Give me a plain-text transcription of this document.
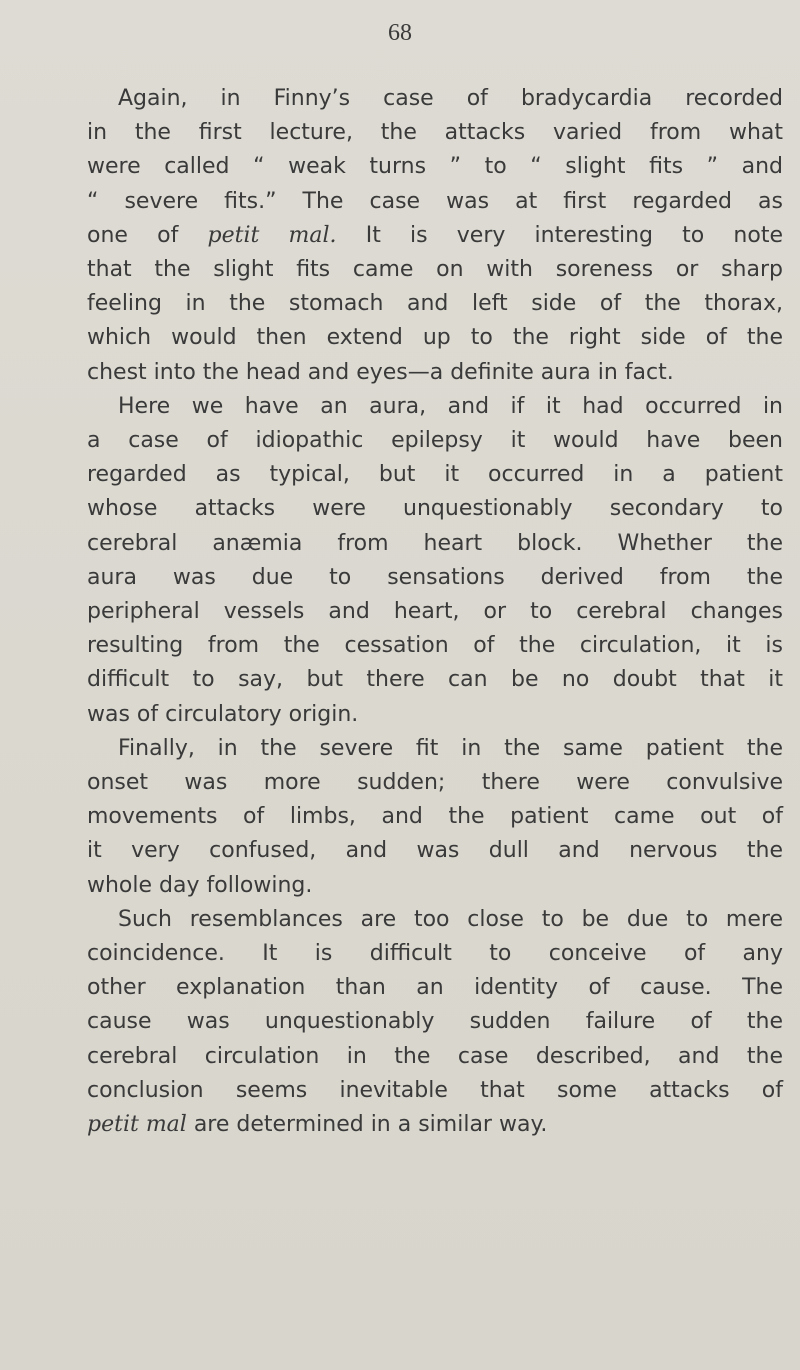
68
Again, in Finny’s case of bradycardia recorded
in the first lecture, the attacks varied from what
were called “ weak turns ” to “ slight fits ” and
“ severe fits.” The case was at first regarded as
one of petit mal. It is very interesting to note
that the slight fits came on with soreness or sharp
feeling in the stomach and left side of the thorax,
which would then extend up to the right side of the
chest into the head and eyes—a definite aura in fact.
Here we have an aura, and if it had occurred in
a case of idiopathic epilepsy it would have been
regarded as typical, but it occurred in a patient
whose attacks were unquestionably secondary to
cerebral anæmia from heart block. Whether the
aura was due to sensations derived from the
peripheral vessels and heart, or to cerebral changes
resulting from the cessation of the circulation, it is
difficult to say, but there can be no doubt that it
was of circulatory origin.
Finally, in the severe fit in the same patient the
onset was more sudden; there were convulsive
movements of limbs, and the patient came out of
it very confused, and was dull and nervous the
whole day following.
Such resemblances are too close to be due to mere
coincidence. It is difficult to conceive of any
other explanation than an identity of cause. The
cause was unquestionably sudden failure of the
cerebral circulation in the case described, and the
conclusion seems inevitable that some attacks of
petit mal are determined in a similar way.
